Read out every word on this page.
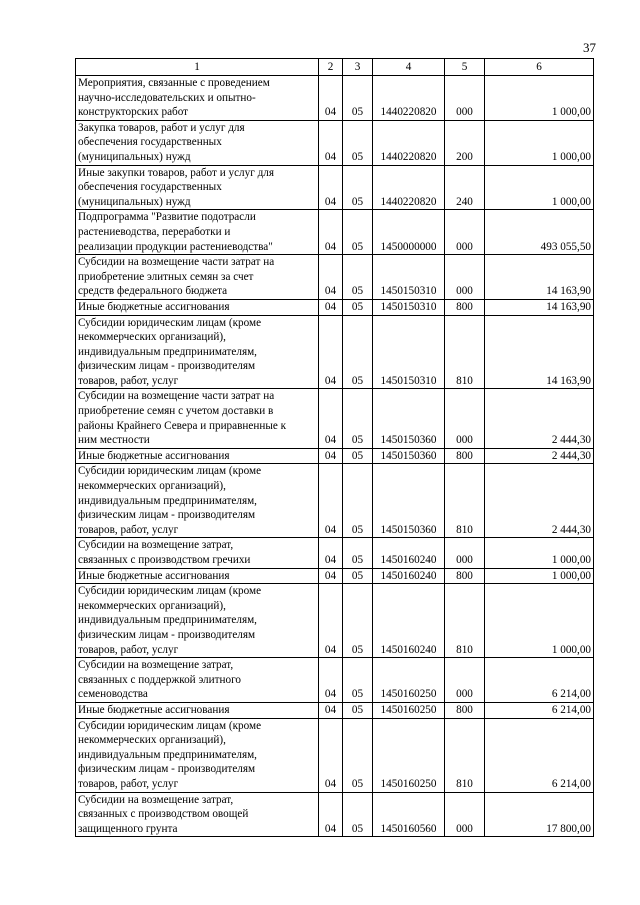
37
1	2	3	4	5	6

Мероприятия, связанные с проведением
научно-исследовательских и опытно-
конструкторских работ	04	05	1440220820	000	1 000,00

Закупка товаров, работ и услуг для
обеспечения государственных
(муниципальных) нужд	04	05	1440220820	200	1 000,00

Иные закупки товаров, работ и услуг для
обеспечения государственных
(муниципальных) нужд	04	05	1440220820	240	1 000,00

Подпрограмма "Развитие подотрасли
растениеводства, переработки и
реализации продукции растениеводства"	04	05	1450000000	000	493 055,50

Субсидии на возмещение части затрат на
приобретение элитных семян за счет
средств федерального бюджета	04	05	1450150310	000	14 163,90

Иные бюджетные ассигнования	04	05	1450150310	800	14 163,90

Субсидии юридическим лицам (кроме
некоммерческих организаций),
индивидуальным предпринимателям,
физическим лицам - производителям
товаров, работ, услуг	04	05	1450150310	810	14 163,90

Субсидии на возмещение части затрат на
приобретение семян с учетом доставки в
районы Крайнего Севера и приравненные к
ним местности	04	05	1450150360	000	2 444,30

Иные бюджетные ассигнования	04	05	1450150360	800	2 444,30

Субсидии юридическим лицам (кроме
некоммерческих организаций),
индивидуальным предпринимателям,
физическим лицам - производителям
товаров, работ, услуг	04	05	1450150360	810	2 444,30

Субсидии на возмещение затрат,
связанных с производством гречихи	04	05	1450160240	000	1 000,00

Иные бюджетные ассигнования	04	05	1450160240	800	1 000,00

Субсидии юридическим лицам (кроме
некоммерческих организаций),
индивидуальным предпринимателям,
физическим лицам - производителям
товаров, работ, услуг	04	05	1450160240	810	1 000,00

Субсидии на возмещение затрат,
связанных с поддержкой элитного
семеноводства	04	05	1450160250	000	6 214,00

Иные бюджетные ассигнования	04	05	1450160250	800	6 214,00

Субсидии юридическим лицам (кроме
некоммерческих организаций),
индивидуальным предпринимателям,
физическим лицам - производителям
товаров, работ, услуг	04	05	1450160250	810	6 214,00

Субсидии на возмещение затрат,
связанных с производством овощей
защищенного грунта	04	05	1450160560	000	17 800,00
